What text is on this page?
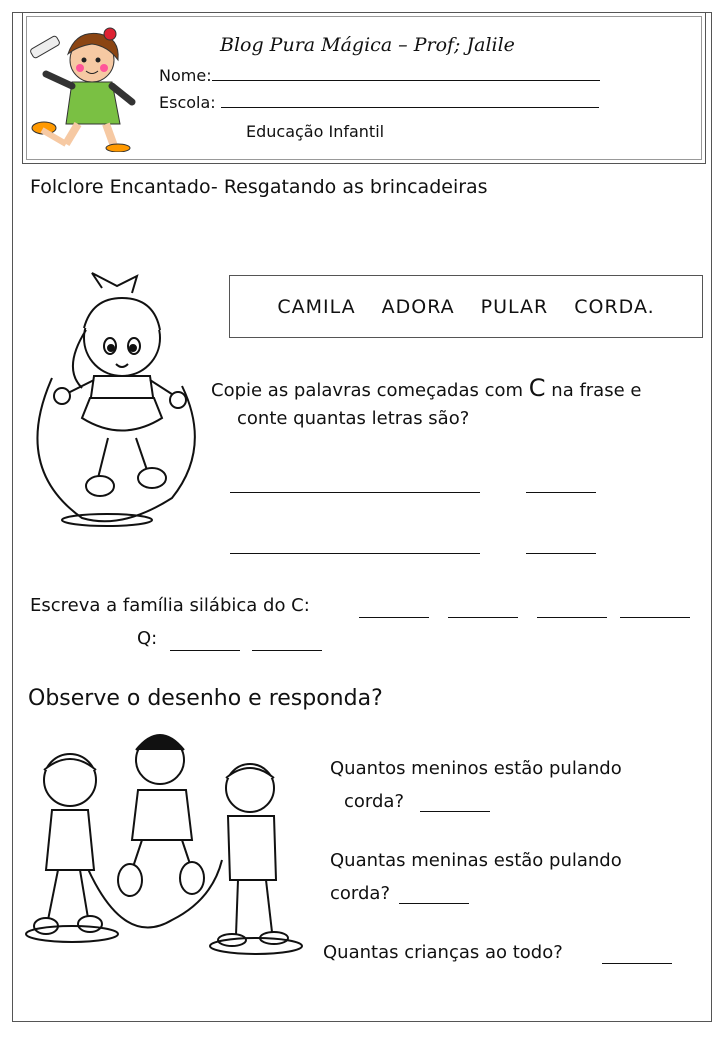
Blog Pura Mágica – Prof; Jalile
Nome:
Escola:
Educação Infantil
Folclore Encantado- Resgatando as brincadeiras
CAMILA ADORA PULAR CORDA.
Copie as palavras começadas com C na frase e
conte quantas letras são?
Escreva a família silábica do C:
Q:
Observe o desenho e responda?
Quantos meninos estão pulando
corda?
Quantas meninas estão pulando
corda?
Quantas crianças ao todo?
